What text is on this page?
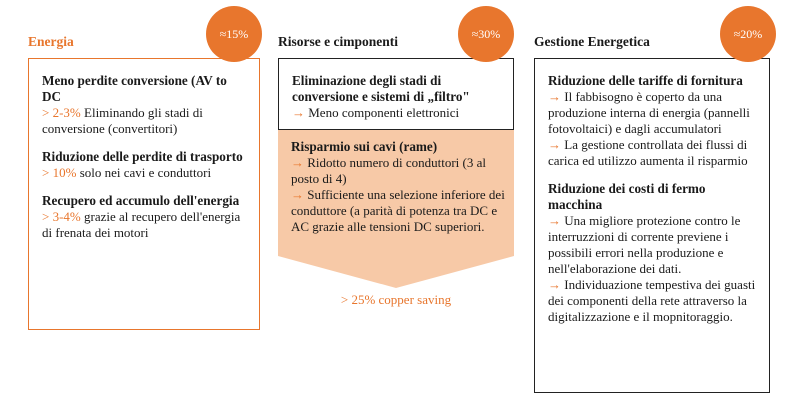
Energia
Meno perdite conversione (AV to DC
> 2-3% Eliminando gli stadi di conversione (convertitori)
Riduzione delle perdite di trasporto
> 10% solo nei cavi e conduttori
Recupero ed accumulo dell'energia
> 3-4% grazie al recupero dell'energia di frenata dei motori
≈15%
Risorse e cimponenti
Eliminazione degli stadi di conversione e sistemi di „filtro"
→ Meno componenti elettronici
≈30%
Risparmio sui cavi (rame)
→ Ridotto numero di conduttori (3 al posto di 4)
→ Sufficiente una selezione inferiore dei conduttore (a parità di potenza tra DC e AC grazie alle tensioni DC superiori.
> 25% copper saving
Gestione Energetica
Riduzione delle tariffe di fornitura
→ Il fabbisogno è coperto da una produzione interna di energia (pannelli fotovoltaici) e dagli accumulatori
→ La gestione controllata dei flussi di carica ed utilizzo aumenta il risparmio
Riduzione dei costi di fermo macchina
→ Una migliore protezione contro le interruzzioni di corrente previene i possibili errori nella produzione e nell'elaborazione dei dati.
→ Individuazione tempestiva dei guasti dei componenti della rete attraverso la digitalizzazione e il mopnitoraggio.
≈20%
